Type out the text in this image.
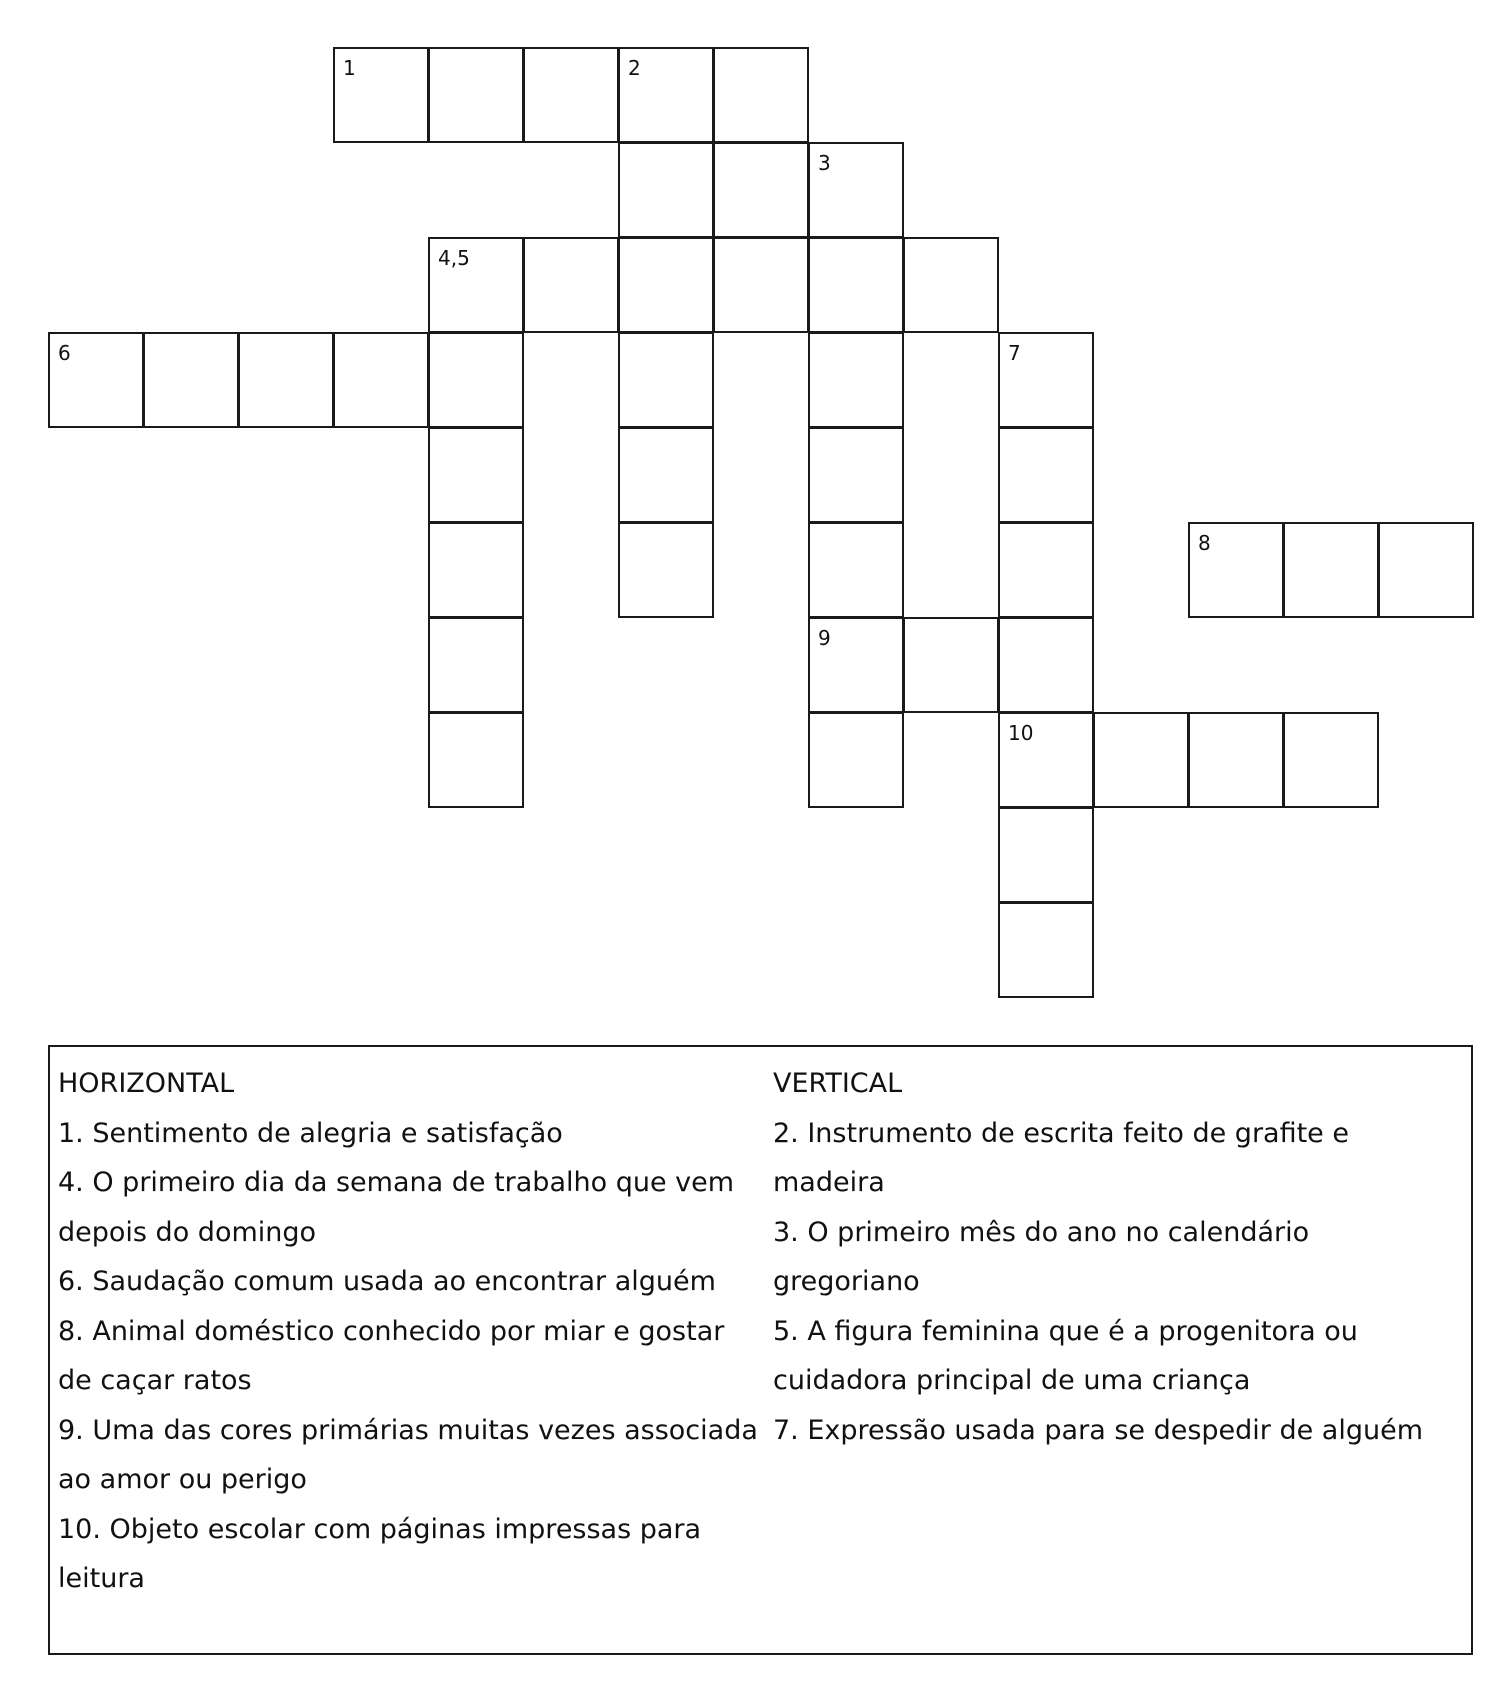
1	2
3
4,5
6	7
8
9
10
HORIZONTAL
1. Sentimento de alegria e satisfação
4. O primeiro dia da semana de trabalho que vem depois do domingo
6. Saudação comum usada ao encontrar alguém
8. Animal doméstico conhecido por miar e gostar de caçar ratos
9. Uma das cores primárias muitas vezes associada ao amor ou perigo
10. Objeto escolar com páginas impressas para leitura
VERTICAL
2. Instrumento de escrita feito de grafite e madeira
3. O primeiro mês do ano no calendário gregoriano
5. A figura feminina que é a progenitora ou cuidadora principal de uma criança
7. Expressão usada para se despedir de alguém
